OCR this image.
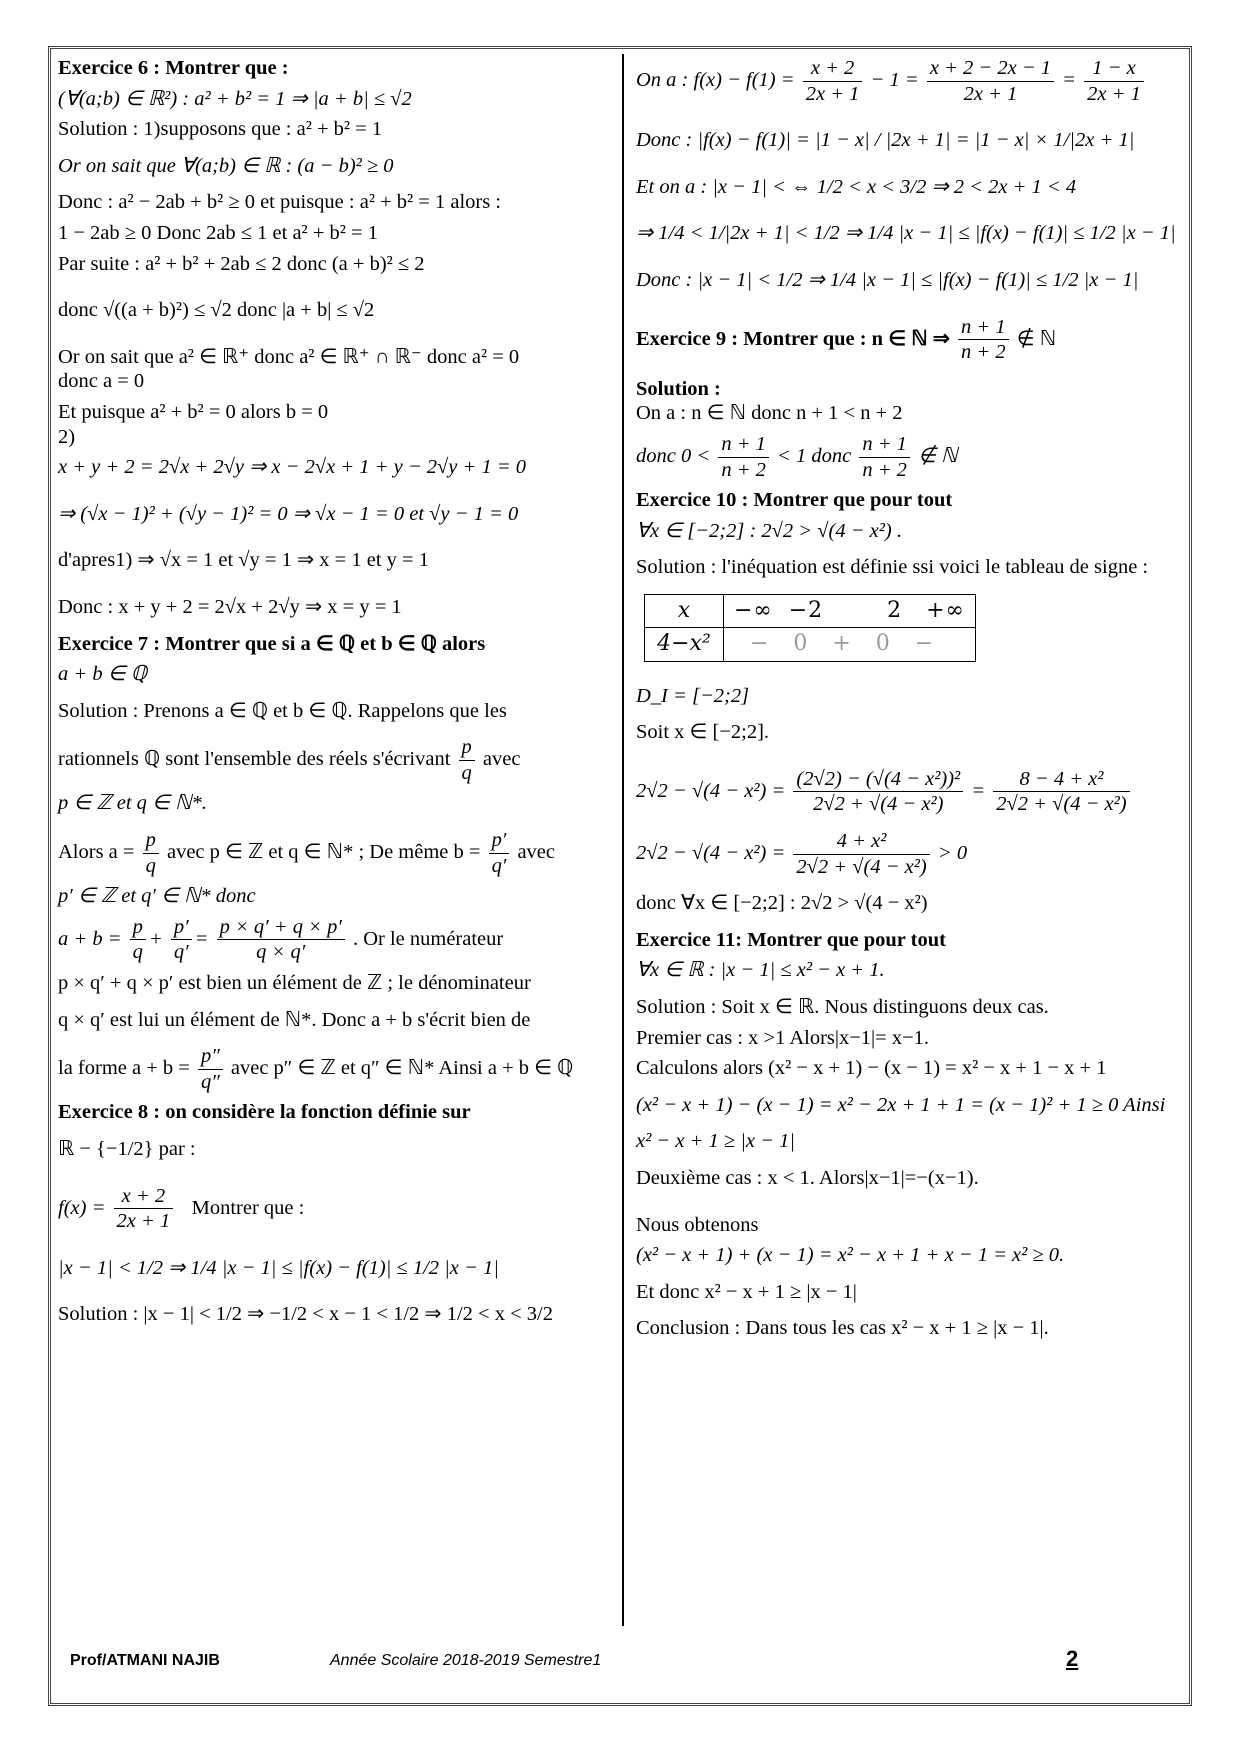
Exercice 6 : Montrer que :

(∀(a;b) ∈ ℝ²) : a² + b² = 1 ⇒ |a + b| ≤ √2

Solution : 1)supposons que : a² + b² = 1

Or on sait que ∀(a;b) ∈ ℝ : (a − b)² ≥ 0

Donc : a² − 2ab + b² ≥ 0 et puisque : a² + b² = 1 alors :

1 − 2ab ≥ 0 Donc 2ab ≤ 1 et a² + b² = 1

Par suite : a² + b² + 2ab ≤ 2 donc (a + b)² ≤ 2

donc √((a + b)²) ≤ √2 donc |a + b| ≤ √2

Or on sait que a² ∈ ℝ⁺ donc a² ∈ ℝ⁺ ∩ ℝ⁻ donc a² = 0

donc a = 0

Et puisque a² + b² = 0 alors b = 0

2)

x + y + 2 = 2√x + 2√y ⇒ x − 2√x + 1 + y − 2√y + 1 = 0

⇒ (√x − 1)² + (√y − 1)² = 0 ⇒ √x − 1 = 0 et √y − 1 = 0

d'apres1) ⇒ √x = 1 et √y = 1 ⇒ x = 1 et y = 1

Donc : x + y + 2 = 2√x + 2√y ⇒ x = y = 1

Exercice 7 : Montrer que si a ∈ ℚ et b ∈ ℚ alors

a + b ∈ ℚ

Solution : Prenons a ∈ ℚ et b ∈ ℚ. Rappelons que les

rationnels ℚ sont l'ensemble des réels s'écrivant $\frac{p}{q}$ avec

p ∈ ℤ et q ∈ ℕ*.

Alors $a = \frac{p}{q}$ avec p ∈ ℤ et q ∈ ℕ* ; De même $b = \frac{p'}{q'}$ avec

p′ ∈ ℤ et q′ ∈ ℕ* donc

$a + b = \frac{p}{q} + \frac{p'}{q'} = \frac{p \times q' + q \times p'}{q \times q'}$ . Or le numérateur

p × q′ + q × p′ est bien un élément de ℤ ; le dénominateur

q × q′ est lui un élément de ℕ*. Donc a + b s'écrit bien de

la forme $a + b = \frac{p''}{q''}$ avec p″ ∈ ℤ et q″ ∈ ℕ* Ainsi a + b ∈ ℚ

Exercice 8 : on considère la fonction définie sur

ℝ − {−1/2} par :

$f(x) = \frac{x + 2}{2x + 1}$ Montrer que :

|x − 1| < 1/2 ⇒ 1/4 |x − 1| ≤ |f(x) − f(1)| ≤ 1/2 |x − 1|

Solution : |x − 1| < 1/2 ⇒ −1/2 < x − 1 < 1/2 ⇒ 1/2 < x < 3/2

On a : $f(x) - f(1) = \frac{x + 2}{2x + 1} - 1 = \frac{x + 2 - 2x - 1}{2x + 1} = \frac{1 - x}{2x + 1}$

Donc : |f(x) − f(1)| = |1 − x| / |2x + 1| = |1 − x| × 1/|2x + 1|

Et on a : |x − 1| < ⇔ 1/2 < x < 3/2 ⇒ 2 < 2x + 1 < 4

⇒ 1/4 < 1/|2x + 1| < 1/2 ⇒ 1/4 |x − 1| ≤ |f(x) − f(1)| ≤ 1/2 |x − 1|

Donc : |x − 1| < 1/2 ⇒ 1/4 |x − 1| ≤ |f(x) − f(1)| ≤ 1/2 |x − 1|

Exercice 9 : Montrer que : n ∈ ℕ ⇒ $\frac{n + 1}{n + 2}$ ∉ ℕ

Solution :

On a : n ∈ ℕ donc n + 1 < n + 2

donc $0 < \frac{n + 1}{n + 2} < 1$ donc $\frac{n + 1}{n + 2}$ ∉ ℕ

Exercice 10 : Montrer que pour tout

∀x ∈ [−2;2] : 2√2 > √(4 − x²) .

Solution : l'inéquation est définie ssi voici le tableau de signe :

x	−∞  −2        2   +∞
4−x²	−   0   +   0   −

D_I = [−2;2]

Soit x ∈ [−2;2].

$2√2 - √(4 - x^2) = \frac{\text{(2√2) − (√(4 − x²))²}}{\text{2√2 + √(4 − x²)}} = \frac{\text{8 − 4 + x²}}{\text{2√2 + √(4 − x²)}}$

$2√2 - √(4 - x^2) = \frac{\text{4 + x²}}{\text{2√2 + √(4 − x²)}} > 0$

donc ∀x ∈ [−2;2] : 2√2 > √(4 − x²)

Exercice 11: Montrer que pour tout

∀x ∈ ℝ : |x − 1| ≤ x² − x + 1.

Solution : Soit x ∈ ℝ. Nous distinguons deux cas.

Premier cas : x >1 Alors|x−1|= x−1.

Calculons alors (x² − x + 1) − (x − 1) = x² − x + 1 − x + 1

(x² − x + 1) − (x − 1) = x² − 2x + 1 + 1 = (x − 1)² + 1 ≥ 0 Ainsi

x² − x + 1 ≥ |x − 1|

Deuxième cas : x < 1. Alors|x−1|=−(x−1).

Nous obtenons

(x² − x + 1) + (x − 1) = x² − x + 1 + x − 1 = x² ≥ 0.

Et donc x² − x + 1 ≥ |x − 1|

Conclusion : Dans tous les cas x² − x + 1 ≥ |x − 1|.

Prof/ATMANI NAJIB	Année Scolaire 2018-2019 Semestre1	2
